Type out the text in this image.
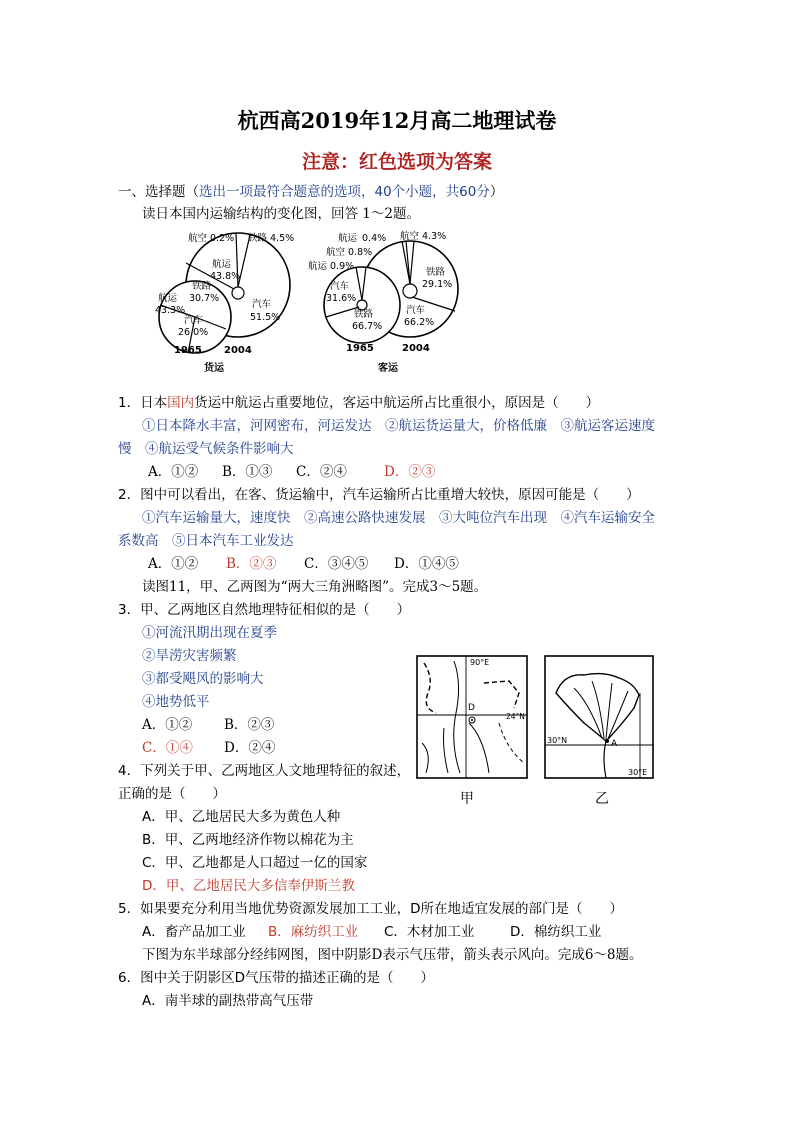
杭西高2019年12月高二地理试卷
注意：红色选项为答案
一、选择题（选出一项最符合题意的选项，40个小题，共60分）
读日本国内运输结构的变化图，回答 1～2题。
航空 0.2% 铁路 4.5%
航运
43.8%
汽车
51.5%
航运
43.3%
铁路
30.7%
汽车
26.0%
1965 2004
货运
航运 0.4% 航空 4.3%
铁路
29.1%
汽车
66.2%
航空 0.8%
航运 0.9%
汽车
31.6%
铁路
66.7%
1965	2004
客运
1．日本国内货运中航运占重要地位，客运中航运所占比重很小，原因是（　　）
①日本降水丰富，河网密布，河运发达　②航运货运量大，价格低廉　③航运客运速度
慢　④航运受气候条件影响大
A．①② B．①③ C．②④	D．②③
2．图中可以看出，在客、货运输中，汽车运输所占比重增大较快，原因可能是（　　）
①汽车运输量大，速度快　②高速公路快速发展　③大吨位汽车出现　④汽车运输安全
系数高　⑤日本汽车工业发达
A．①② B．②③ C．③④⑤ D．①④⑤
读图11，甲、乙两图为“两大三角洲略图”。完成3～5题。
3．甲、乙两地区自然地理特征相似的是（　　）
①河流汛期出现在夏季
②旱涝灾害频繁
③都受飓风的影响大
④地势低平
A．①② B．②③
C．①④ D．②④
90°E
24°N
D
A
30°N
30°E
甲	乙
4．下列关于甲、乙两地区人文地理特征的叙述，
正确的是（　　）
A．甲、乙地居民大多为黄色人种
B．甲、乙两地经济作物以棉花为主
C．甲、乙地都是人口超过一亿的国家
D．甲、乙地居民大多信奉伊斯兰教
5．如果要充分利用当地优势资源发展加工工业，D所在地适宜发展的部门是（　　）
A．畜产品加工业 B．麻纺织工业 C．木材加工业	D．棉纺织工业
下图为东半球部分经纬网图，图中阴影D表示气压带，箭头表示风向。完成6～8题。
6．图中关于阴影区D气压带的描述正确的是（　　）
A．南半球的副热带高气压带
